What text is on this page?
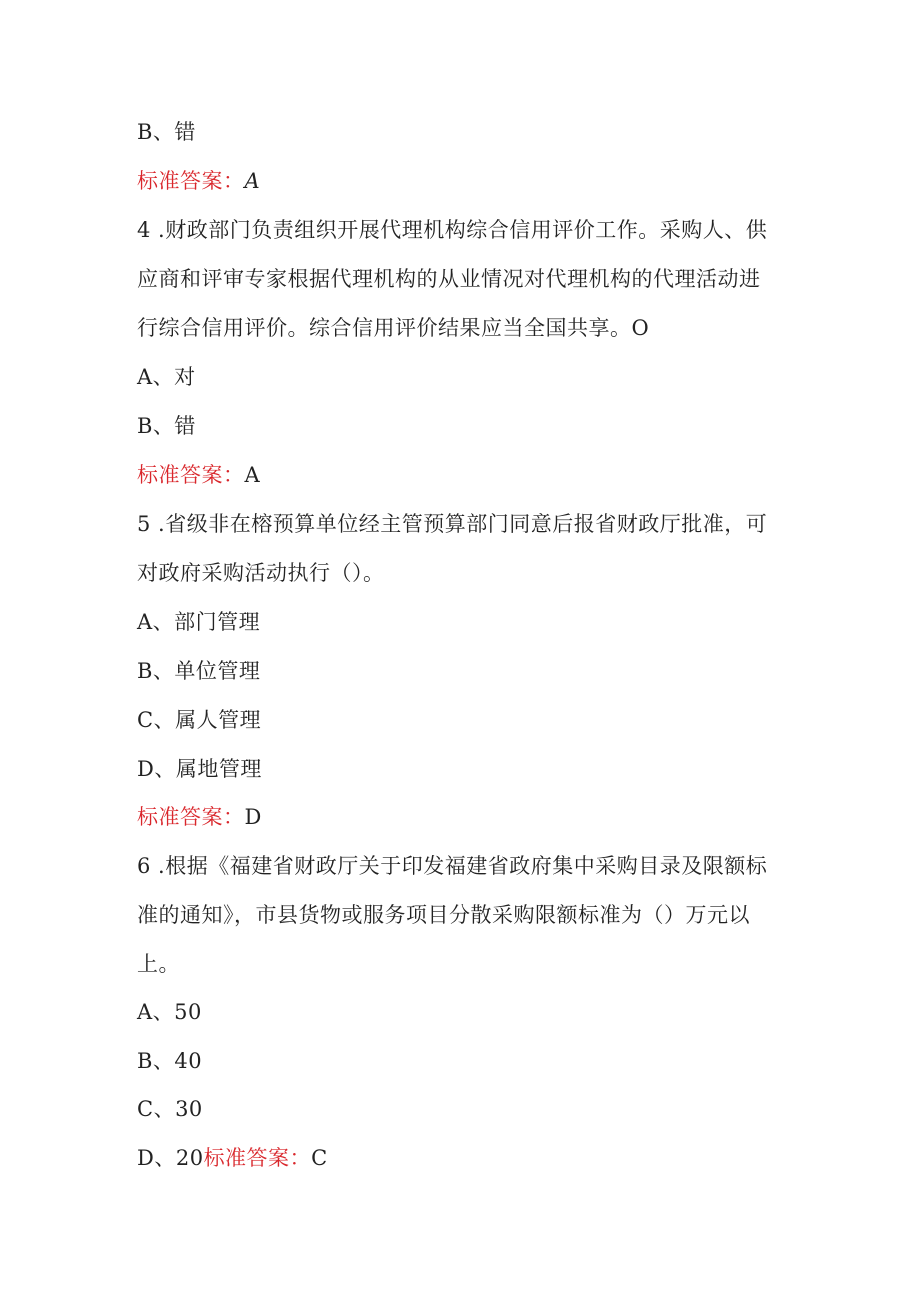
B、错
标准答案：A
4 .财政部门负责组织开展代理机构综合信用评价工作。采购人、供
应商和评审专家根据代理机构的从业情况对代理机构的代理活动进
行综合信用评价。综合信用评价结果应当全国共享。O
A、对
B、错
标准答案：A
5 .省级非在榕预算单位经主管预算部门同意后报省财政厅批准，可
对政府采购活动执行（）。
A、部门管理
B、单位管理
C、属人管理
D、属地管理
标准答案：D
6 .根据《福建省财政厅关于印发福建省政府集中采购目录及限额标
准的通知》，市县货物或服务项目分散采购限额标准为（）万元以
上。
A、50
B、40
C、30
D、20标准答案：C
